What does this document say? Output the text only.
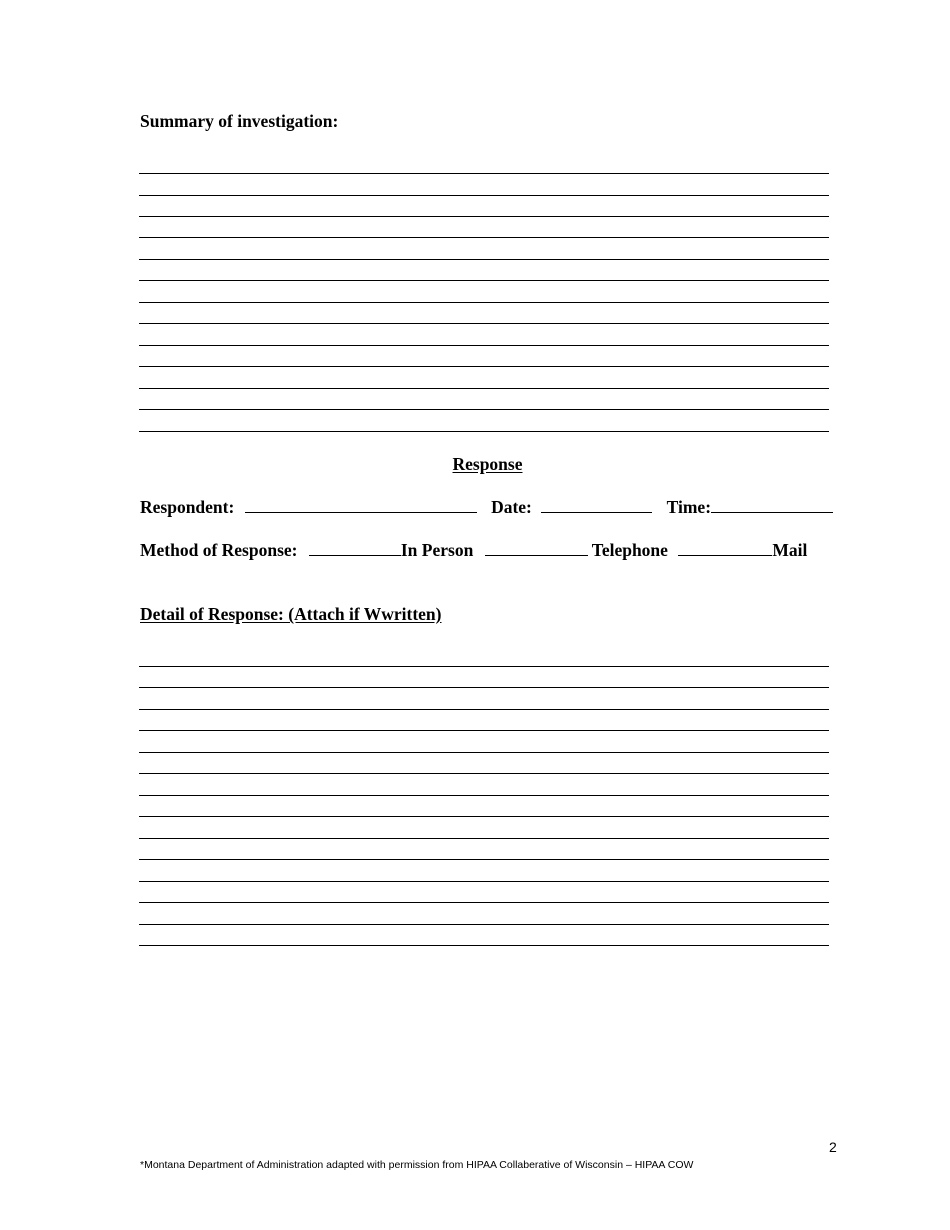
Summary of investigation:
Response
Respondent:	Date:	Time:
Method of Response:	In Person	Telephone	Mail
Detail of Response: (Attach if Wwritten)
2
*Montana Department of Administration adapted with permission from HIPAA Collaberative of Wisconsin – HIPAA COW
